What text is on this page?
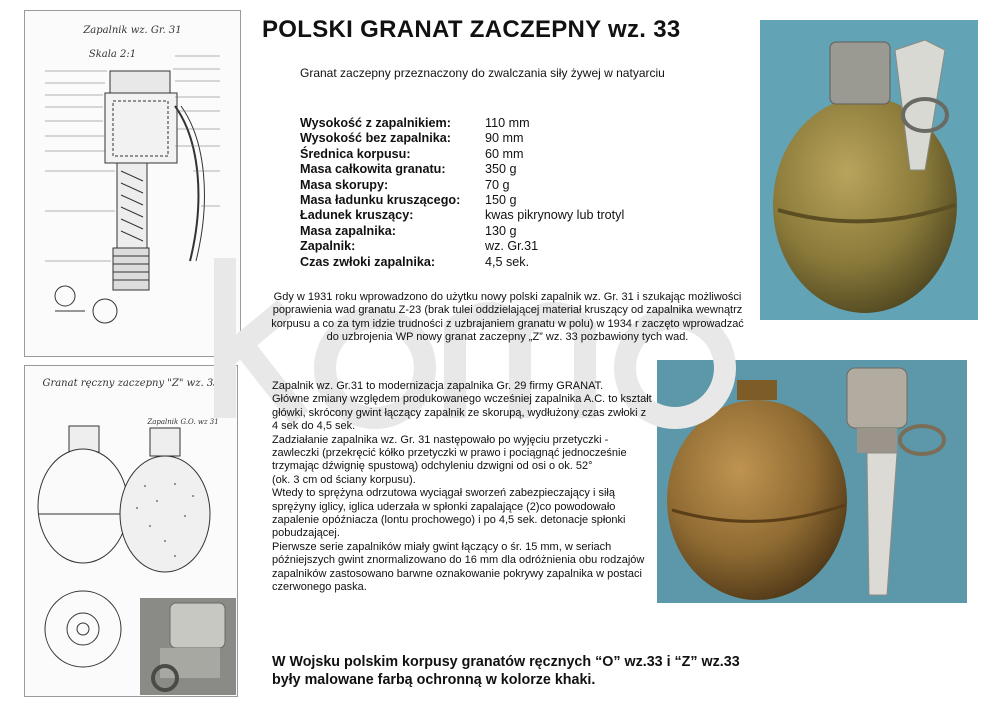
Zapalnik wz. Gr. 31
Skala 2:1
Granat ręczny zaczepny "Z" wz. 33
Zapalnik G.O. wz 31
POLSKI GRANAT ZACZEPNY wz. 33
Granat zaczepny przeznaczony do zwalczania siły żywej w natyarciu
Wysokość z zapalnikiem:	110 mm
Wysokość bez zapalnika:	90 mm
Średnica korpusu:	60 mm
Masa całkowita granatu:	350 g
Masa skorupy:	70 g
Masa ładunku kruszącego:	150 g
Ładunek kruszący:	kwas pikrynowy lub trotyl
Masa zapalnika:	130 g
Zapalnik:	wz. Gr.31
Czas zwłoki zapalnika:	4,5 sek.

Gdy w 1931 roku wprowadzono do użytku nowy polski zapalnik wz. Gr. 31 i szukając możliwości poprawienia wad granatu Z-23 (brak tulei oddzielającej materiał kruszący od zapalnika wewnątrz korpusu a co za tym idzie trudności z uzbrajaniem granatu w polu) w 1934 r zaczęto wprowadzać do uzbrojenia WP nowy granat zaczepny „Z” wz. 33 pozbawiony tych wad.

Zapalnik wz. Gr.31 to modernizacja zapalnika Gr. 29 firmy GRANAT.
Główne zmiany względem produkowanego wcześniej zapalnika A.C. to kształt główki, skrócony gwint łączący zapalnik ze skorupą, wydłużony czas zwłoki z 4 sek do 4,5 sek.
Zadziałanie zapalnika wz. Gr. 31 następowało po wyjęciu przetyczki - zawleczki (przekręcić kółko przetyczki w prawo i pociągnąć jednocześnie trzymając dźwignię spustową) odchyleniu dzwigni od osi o ok. 52°
(ok. 3 cm od ściany korpusu).
Wtedy to sprężyna odrzutowa wyciągał sworzeń zabezpieczający i siłą sprężyny iglicy, iglica uderzała w spłonki zapalające (2)co powodowało zapalenie opóźniacza (lontu prochowego) i po 4,5 sek. detonacje spłonki pobudzającej.
Pierwsze serie zapalników miały gwint łączący o śr. 15 mm, w seriach późniejszych gwint znormalizowano do 16 mm dla odróżnienia obu rodzajów zapalników zastosowano barwne oznakowanie pokrywy zapalnika w postaci czerwonego paska.
W Wojsku polskim korpusy granatów ręcznych “O” wz.33 i “Z” wz.33
były malowane farbą ochronną w kolorze khaki.
